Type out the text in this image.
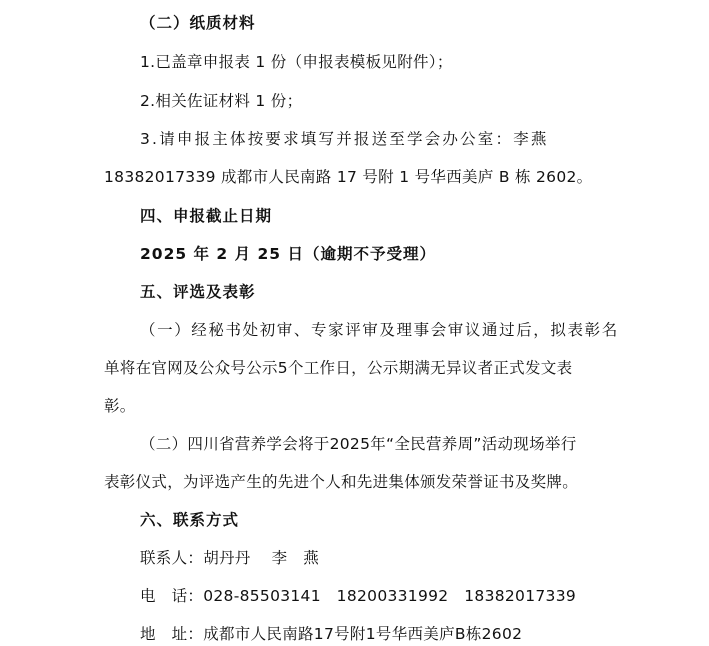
（二）纸质材料
1.已盖章申报表 1 份（申报表模板见附件）；
2.相关佐证材料 1 份；
3.请申报主体按要求填写并报送至学会办公室：李燕
18382017339 成都市人民南路 17 号附 1 号华西美庐 B 栋 2602。
四、申报截止日期
2025 年 2 月 25 日（逾期不予受理）
五、评选及表彰
（一）经秘书处初审、专家评审及理事会审议通过后，拟表彰名
单将在官网及公众号公示5个工作日，公示期满无异议者正式发文表
彰。
（二）四川省营养学会将于2025年“全民营养周”活动现场举行
表彰仪式，为评选产生的先进个人和先进集体颁发荣誉证书及奖牌。
六、联系方式
联系人：胡丹丹　 李　燕
电　话：028-85503141　18200331992　18382017339
地　址：成都市人民南路17号附1号华西美庐B栋2602
